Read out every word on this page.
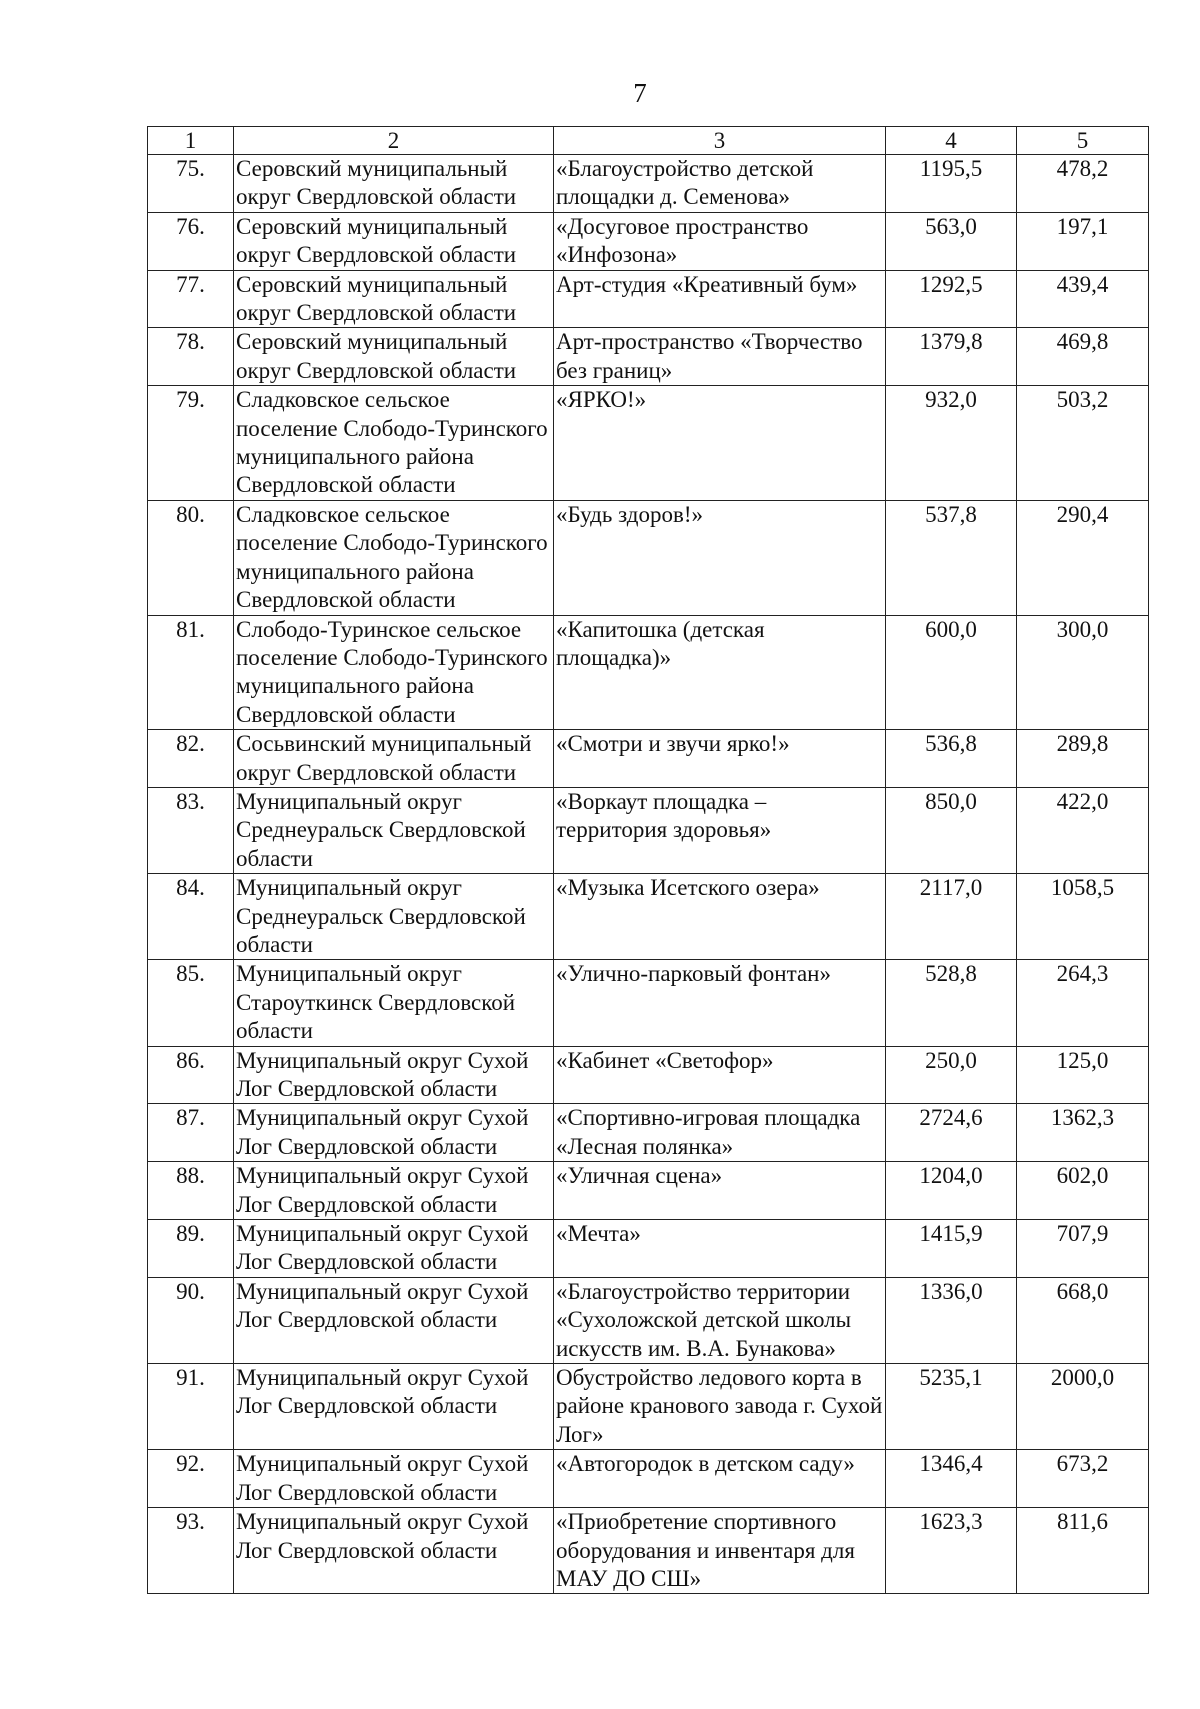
7
1	2	3	4	5
75.	Серовский муниципальный округ Свердловской области	«Благоустройство детской площадки д. Семенова»	1195,5	478,2
76.	Серовский муниципальный округ Свердловской области	«Досуговое пространство «Инфозона»	563,0	197,1
77.	Серовский муниципальный округ Свердловской области	Арт-студия «Креативный бум»	1292,5	439,4
78.	Серовский муниципальный округ Свердловской области	Арт-пространство «Творчество без границ»	1379,8	469,8
79.	Сладковское сельское поселение Слободо-Туринского муниципального района Свердловской области	«ЯРКО!»	932,0	503,2
80.	Сладковское сельское поселение Слободо-Туринского муниципального района Свердловской области	«Будь здоров!»	537,8	290,4
81.	Слободо-Туринское сельское поселение Слободо-Туринского муниципального района Свердловской области	«Капитошка (детская площадка)»	600,0	300,0
82.	Сосьвинский муниципальный округ Свердловской области	«Смотри и звучи ярко!»	536,8	289,8
83.	Муниципальный округ Среднеуральск Свердловской области	«Воркаут площадка – территория здоровья»	850,0	422,0
84.	Муниципальный округ Среднеуральск Свердловской области	«Музыка Исетского озера»	2117,0	1058,5
85.	Муниципальный округ Староуткинск Свердловской области	«Улично-парковый фонтан»	528,8	264,3
86.	Муниципальный округ Сухой Лог Свердловской области	«Кабинет «Светофор»	250,0	125,0
87.	Муниципальный округ Сухой Лог Свердловской области	«Спортивно-игровая площадка «Лесная полянка»	2724,6	1362,3
88.	Муниципальный округ Сухой Лог Свердловской области	«Уличная сцена»	1204,0	602,0
89.	Муниципальный округ Сухой Лог Свердловской области	«Мечта»	1415,9	707,9
90.	Муниципальный округ Сухой Лог Свердловской области	«Благоустройство территории «Сухоложской детской школы искусств им. В.А. Бунакова»	1336,0	668,0
91.	Муниципальный округ Сухой Лог Свердловской области	Обустройство ледового корта в районе кранового завода г. Сухой Лог»	5235,1	2000,0
92.	Муниципальный округ Сухой Лог Свердловской области	«Автогородок в детском саду»	1346,4	673,2
93.	Муниципальный округ Сухой Лог Свердловской области	«Приобретение спортивного оборудования и инвентаря для МАУ ДО СШ»	1623,3	811,6
